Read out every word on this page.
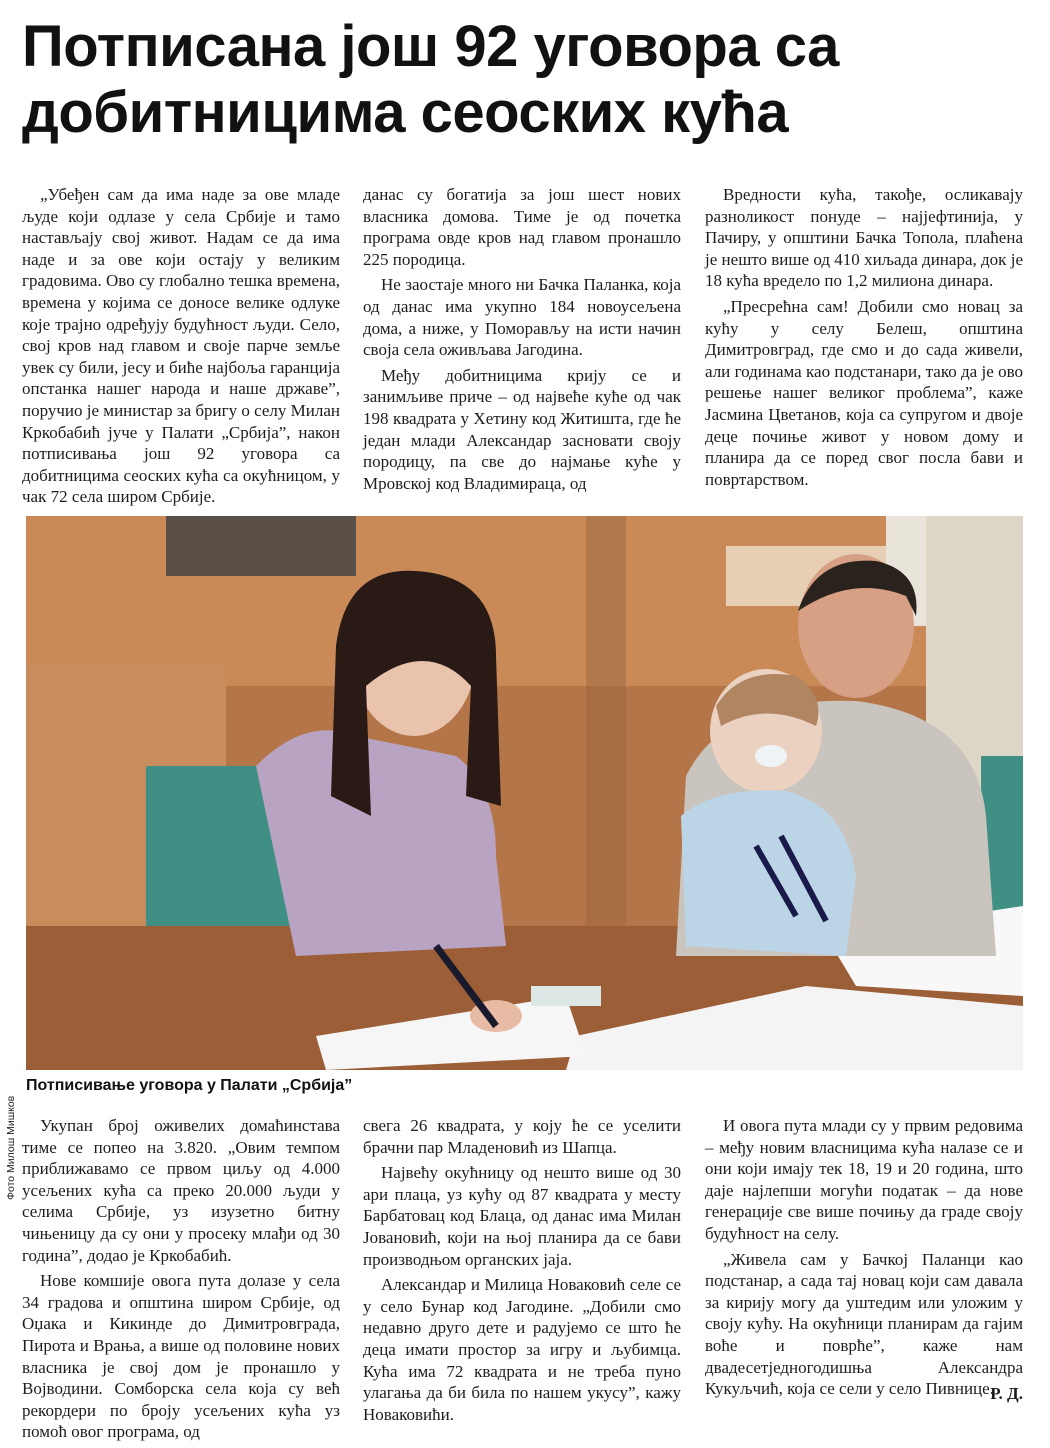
Потписана још 92 уговора са
добитницима сеоских кућа

„Убеђен сам да има наде за ове младе људе који одлазе у села Србије и тамо настављају свој живот. Надам се да има наде и за ове који остају у великим градовима. Ово су глобално тешка времена, времена у којима се доносе велике одлуке које трајно одређују будућност људи. Село, свој кров над главом и своје парче земље увек су били, јесу и биће најбоља гаранција опстанка нашег народа и наше државе”, поручио је министар за бригу о селу Милан Кркобабић јуче у Палати „Србија”, након потписивања још 92 уговора са добитницима сеоских кућа са окућницом, у чак 72 села широм Србије.

данас су богатија за још шест нових власника домова. Тиме је од почетка програма овде кров над главом пронашло 225 породица.

Не заостаје много ни Бачка Паланка, која од данас има укупно 184 новоусељена дома, а ниже, у Поморављу на исти начин своја села оживљава Јагодина.

Међу добитницима крију се и занимљиве приче – од највеће куће од чак 198 квадрата у Хетину код Житишта, где ће један млади Александар засновати своју породицу, па све до најмање куће у Мровској код Владимираца, од

Вредности кућа, такође, осликавају разноликост понуде – најјефтинија, у Пачиру, у општини Бачка Топола, плаћена је нешто више од 410 хиљада динара, док је 18 кућа вредело по 1,2 милиона динара.

„Пресрећна сам! Добили смо новац за кућу у селу Белеш, општина Димитровград, где смо и до сада живели, али годинама као подстанари, тако да је ово решење нашег великог проблема”, каже Јасмина Цветанов, која са супругом и двоје деце почиње живот у новом дому и планира да се поред свог посла бави и повртарством.

Фото Милош Мишков
Потписивање уговора у Палати „Србија”

Укупан број оживелих домаћинстава тиме се попео на 3.820. „Овим темпом приближавамо се првом циљу од 4.000 усељених кућа са преко 20.000 људи у селима Србије, уз изузетно битну чињеницу да су они у просеку млађи од 30 година”, додао је Кркобабић.

Нове комшије овога пута долазе у села 34 градова и општина широм Србије, од Оџака и Кикинде до Димитровграда, Пирота и Врања, а више од половине нових власника је свој дом је пронашло у Војводини. Сомборска села која су већ рекордери по броју усељених кућа уз помоћ овог програма, од

свега 26 квадрата, у коју ће се уселити брачни пар Младеновић из Шапца.

Највећу окућницу од нешто више од 30 ари плаца, уз кућу од 87 квадрата у месту Барбатовац код Блаца, од данас има Милан Јовановић, који на њој планира да се бави производњом органских јаја.

Александар и Милица Новаковић селе се у село Бунар код Јагодине. „Добили смо недавно друго дете и радујемо се што ће деца имати простор за игру и љубимца. Кућа има 72 квадрата и не треба пуно улагања да би била по нашем укусу”, кажу Новаковићи.

И овога пута млади су у првим редовима – међу новим власницима кућа налазе се и они који имају тек 18, 19 и 20 година, што даје најлепши могући податак – да нове генерације све више почињу да граде своју будућност на селу.

„Живела сам у Бачкој Паланци као подстанар, а сада тај новац који сам давала за кирију могу да уштедим или уложим у своју кућу. На окућници планирам да гајим воће и поврће”, каже нам двадесетједногодишња Александра Кукуљчић, која се сели у село Пивнице.

Р. Д.
